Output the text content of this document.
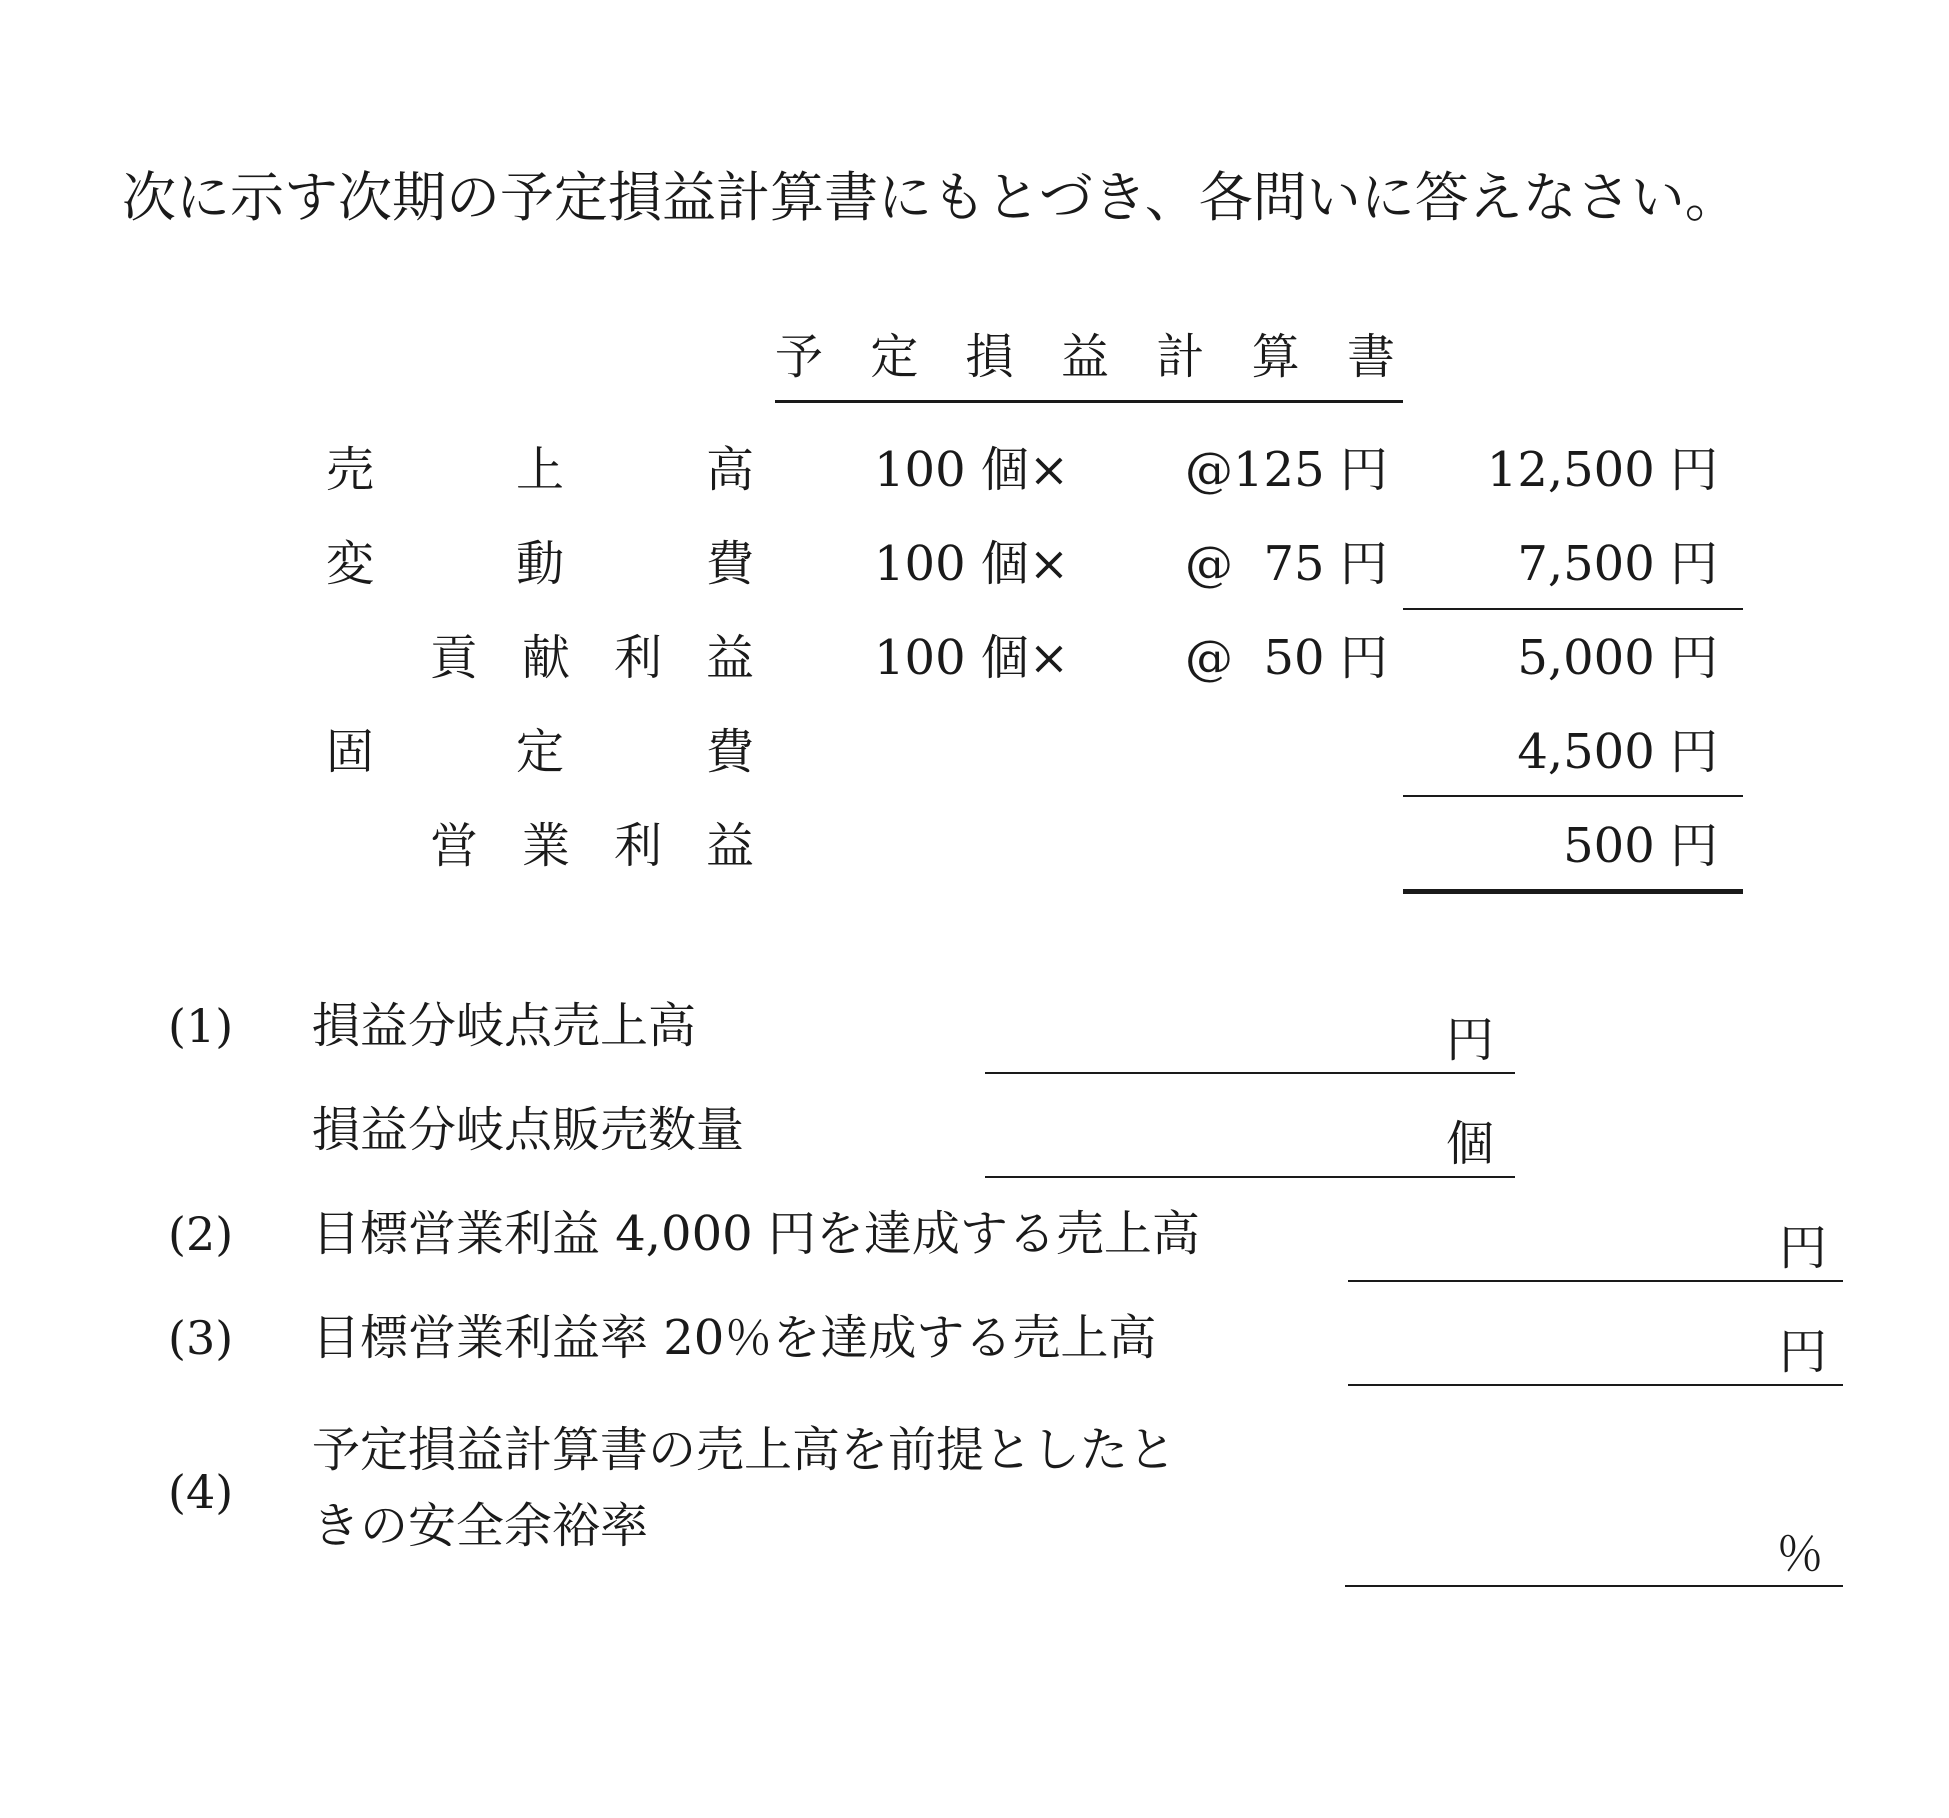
次に示す次期の予定損益計算書にもとづき、各問いに答えなさい。
予 定 損 益 計 算 書
売	上	高	100 個× @125 円	12,500 円
変	動	費	100 個× @  75 円	7,500 円
貢 献 利 益	100 個× @  50 円	5,000 円
固	定	費	4,500 円
営 業 利 益	500 円
(1) 損益分岐点売上高	円
損益分岐点販売数量	個
(2) 目標営業利益 4,000 円を達成する売上高	円
(3) 目標営業利益率 20％を達成する売上高	円
(4)
予定損益計算書の売上高を前提としたと
きの安全余裕率	％
